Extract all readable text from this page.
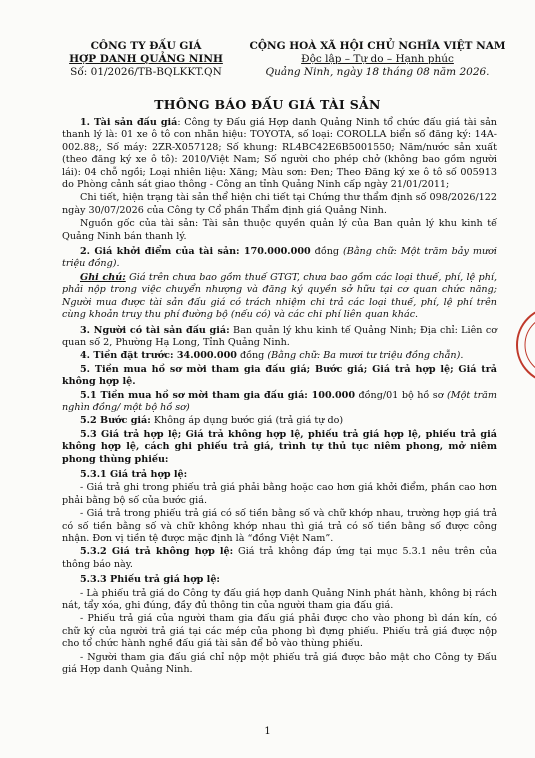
CÔNG TY ĐẤU GIÁ
HỢP DANH QUẢNG NINH
Số: 01/2026/TB-BQLKKT.QN
CỘNG HOÀ XÃ HỘI CHỦ NGHĨA VIỆT NAM
Độc lập – Tự do – Hạnh phúc
Quảng Ninh, ngày 18 tháng 08 năm 2026.
THÔNG BÁO ĐẤU GIÁ TÀI SẢN

1. Tài sản đấu giá: Công ty Đấu giá Hợp danh Quảng Ninh tổ chức đấu giá tài sản thanh lý là: 01 xe ô tô con nhãn hiệu: TOYOTA, số loại: COROLLA biển số đăng ký: 14A-002.88;, Số máy: 2ZR-X057128; Số khung: RL4BC42E6B5001550; Năm/nước sản xuất (theo đăng ký xe ô tô): 2010/Việt Nam; Số người cho phép chở (không bao gồm người lái): 04 chỗ ngồi; Loại nhiên liệu: Xăng; Màu sơn: Đen; Theo Đăng ký xe ô tô số 005913 do Phòng cảnh sát giao thông - Công an tỉnh Quảng Ninh cấp ngày 21/01/2011;

Chi tiết, hiện trạng tài sản thể hiện chi tiết tại Chứng thư thẩm định số 098/2026/122 ngày 30/07/2026 của Công ty Cổ phần Thẩm định giá Quảng Ninh.

Nguồn gốc của tài sản: Tài sản thuộc quyền quản lý của Ban quản lý khu kinh tế Quảng Ninh bán thanh lý.

2. Giá khởi điểm của tài sản: 170.000.000 đồng (Bằng chữ: Một trăm bảy mươi triệu đồng).

Ghi chú: Giá trên chưa bao gồm thuế GTGT, chưa bao gồm các loại thuế, phí, lệ phí, phải nộp trong việc chuyển nhượng và đăng ký quyền sở hữu tại cơ quan chức năng; Người mua được tài sản đấu giá có trách nhiệm chi trả các loại thuế, phí, lệ phí trên cùng khoản truy thu phí đường bộ (nếu có) và các chi phí liên quan khác.

3. Người có tài sản đấu giá: Ban quản lý khu kinh tế Quảng Ninh; Địa chỉ: Liên cơ quan số 2, Phường Hạ Long, Tỉnh Quảng Ninh.

4. Tiền đặt trước: 34.000.000 đồng (Bằng chữ: Ba mươi tư triệu đồng chẵn).

5. Tiền mua hồ sơ mời tham gia đấu giá; Bước giá; Giá trả hợp lệ; Giá trả không hợp lệ.

5.1 Tiền mua hồ sơ mời tham gia đấu giá: 100.000 đồng/01 bộ hồ sơ (Một trăm nghìn đồng/ một bộ hồ sơ)

5.2 Bước giá: Không áp dụng bước giá (trả giá tự do)

5.3 Giá trả hợp lệ; Giá trả không hợp lệ, phiếu trả giá hợp lệ, phiếu trả giá không hợp lệ, cách ghi phiếu trả giá, trình tự thủ tục niêm phong, mở niêm phong thùng phiếu:

5.3.1 Giá trả hợp lệ:

- Giá trả ghi trong phiếu trả giá phải bằng hoặc cao hơn giá khởi điểm, phần cao hơn phải bằng bộ số của bước giá.

- Giá trả trong phiếu trả giá có số tiền bằng số và chữ khớp nhau, trường hợp giá trả có số tiền bằng số và chữ không khớp nhau thì giá trả có số tiền bằng số được công nhận. Đơn vị tiền tệ được mặc định là “đồng Việt Nam”.

5.3.2 Giá trả không hợp lệ: Giá trả không đáp ứng tại mục 5.3.1 nêu trên của thông báo này.

5.3.3 Phiếu trả giá hợp lệ:

- Là phiếu trả giá do Công ty đấu giá hợp danh Quảng Ninh phát hành, không bị rách nát, tẩy xóa, ghi đúng, đầy đủ thông tin của người tham gia đấu giá.

- Phiếu trả giá của người tham gia đấu giá phải được cho vào phong bì dán kín, có chữ ký của người trả giá tại các mép của phong bì đựng phiếu. Phiếu trả giá được nộp cho tổ chức hành nghề đấu giá tài sản để bỏ vào thùng phiếu.

- Người tham gia đấu giá chỉ nộp một phiếu trả giá được bảo mật cho Công ty Đấu giá Hợp danh Quảng Ninh.

1
